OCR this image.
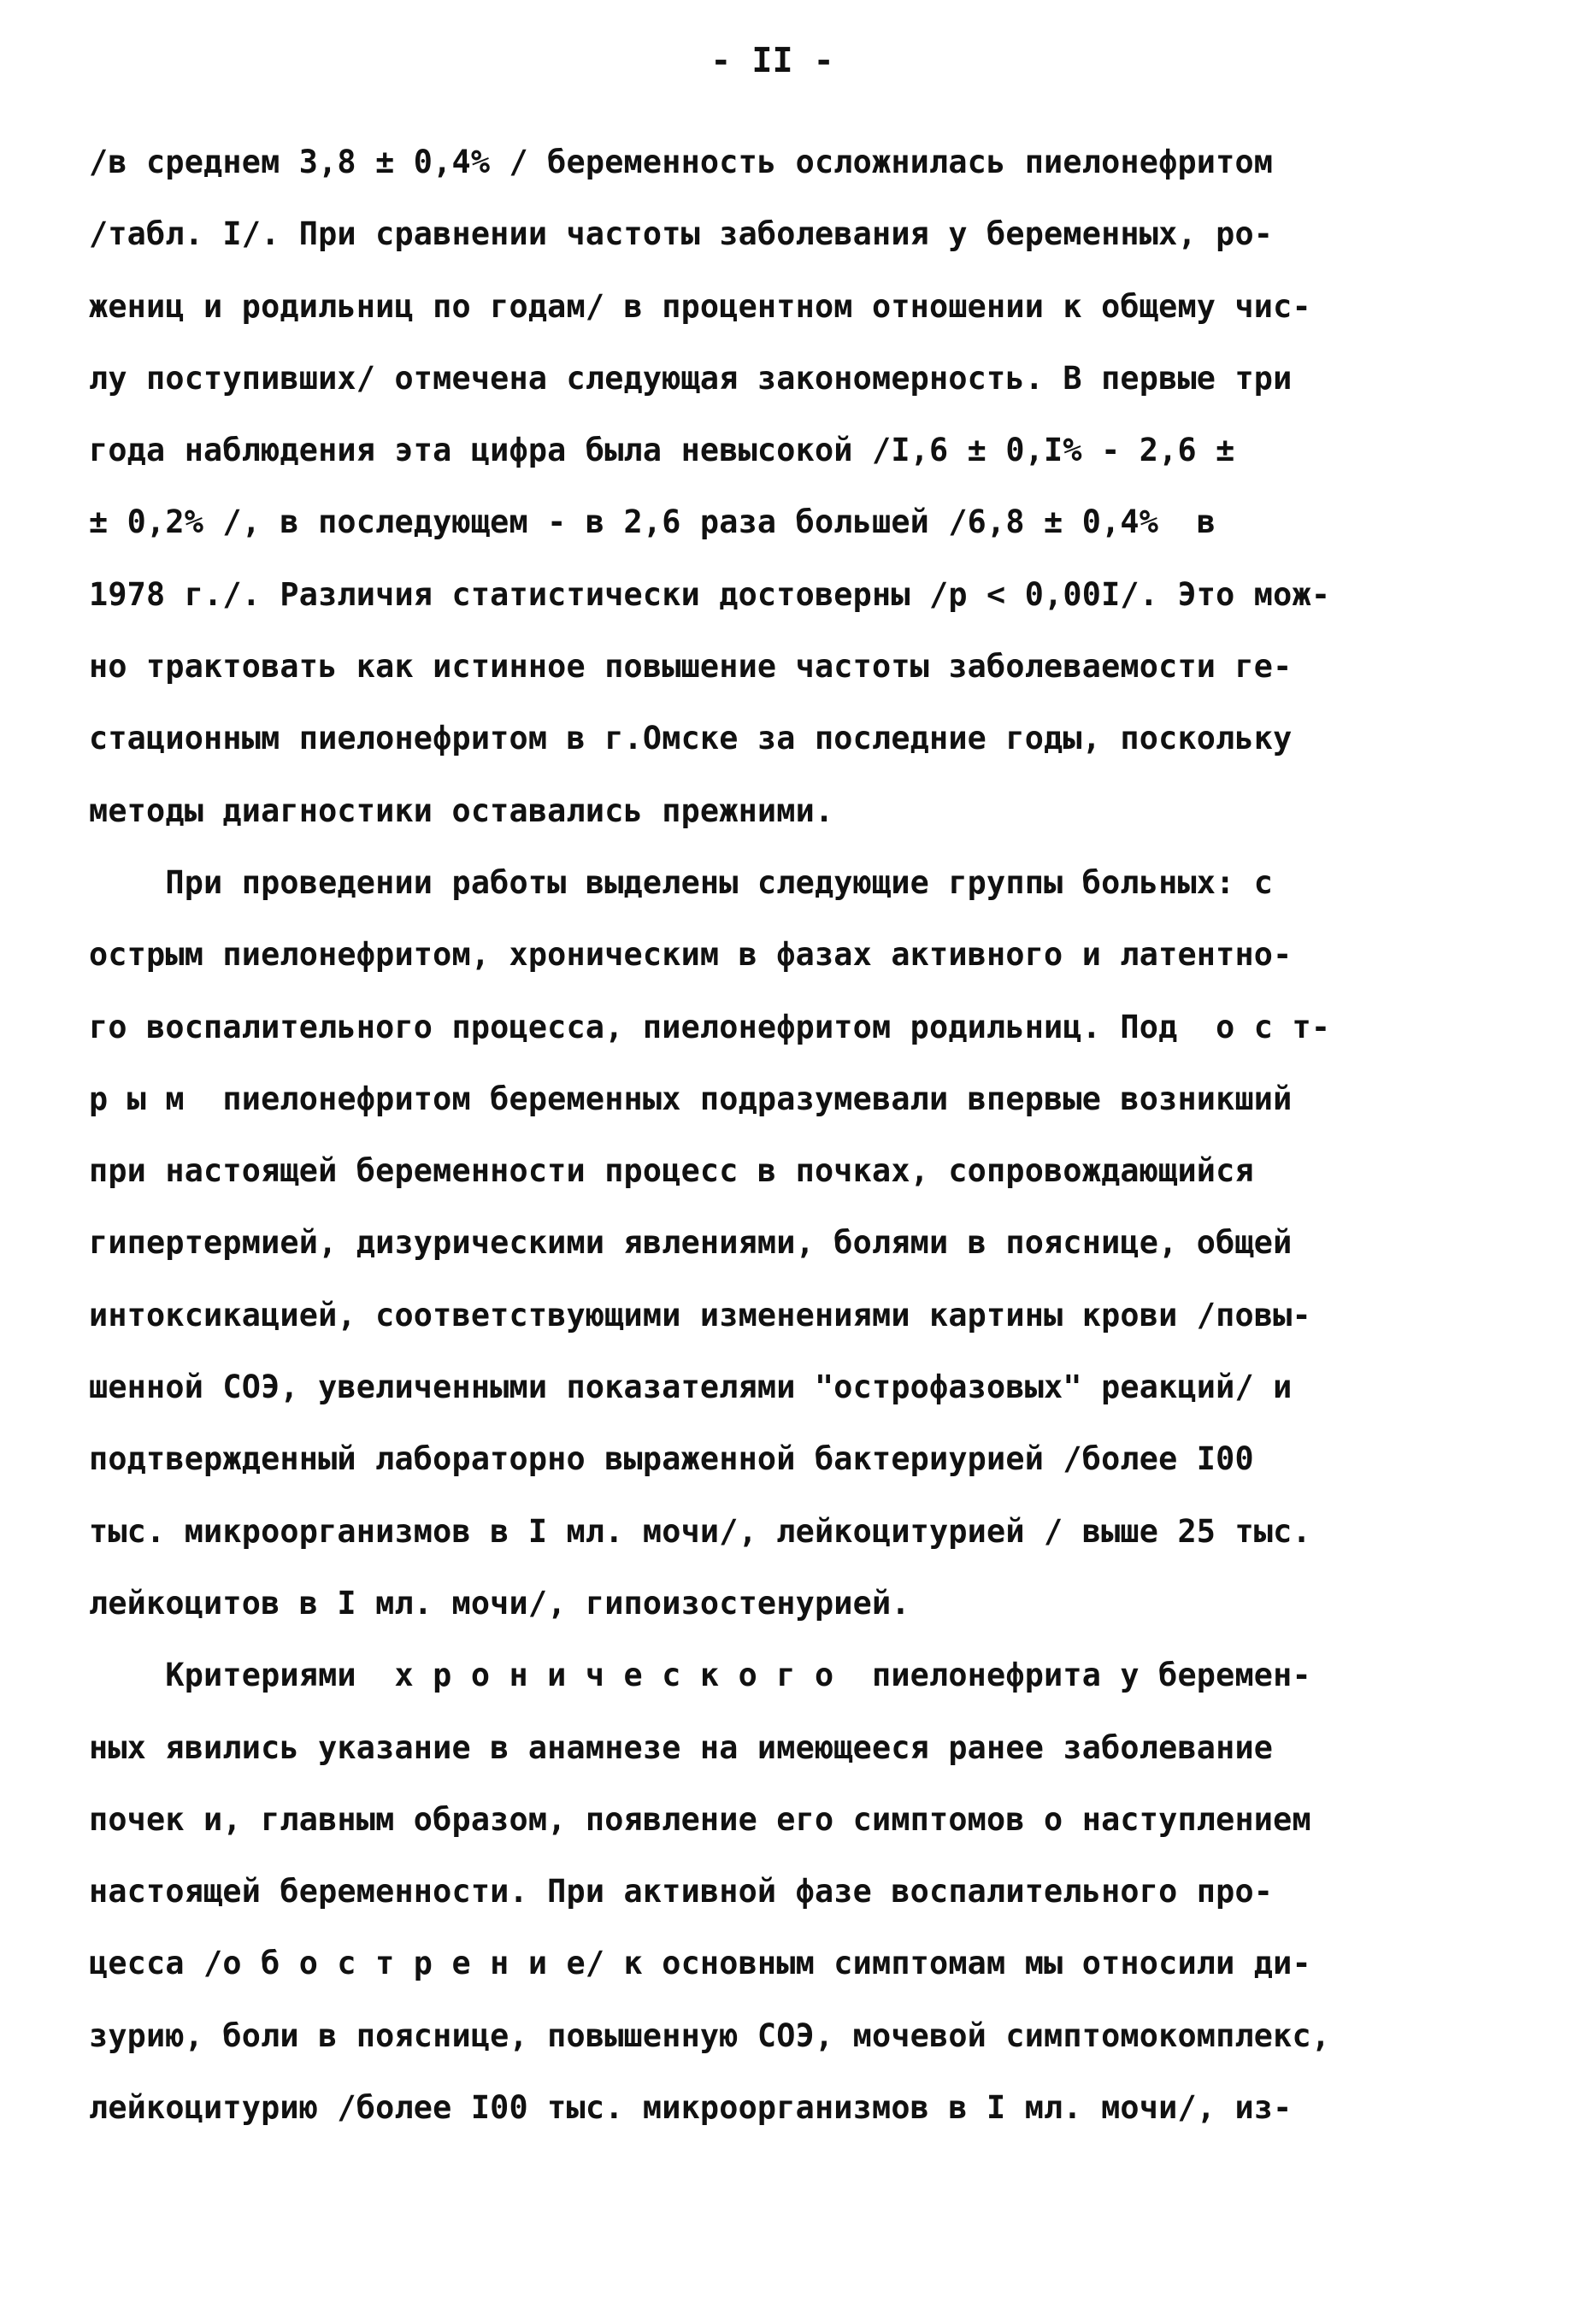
- II -
/в среднем 3,8 ± 0,4% / беременность осложнилась пиелонефритом
/табл. I/. При сравнении частоты заболевания у беременных, ро-
жениц и родильниц по годам/ в процентном отношении к общему чис-
лу поступивших/ отмечена следующая закономерность. В первые три
года наблюдения эта цифра была невысокой /I,6 ± 0,I% - 2,6 ±
± 0,2% /, в последующем - в 2,6 раза большей /6,8 ± 0,4%  в
1978 г./. Различия статистически достоверны /р < 0,00I/. Это мож-
но трактовать как истинное повышение частоты заболеваемости ге-
стационным пиелонефритом в г.Омске за последние годы, поскольку
методы диагностики оставались прежними.
При проведении работы выделены следующие группы больных: с
острым пиелонефритом, хроническим в фазах активного и латентно-
го воспалительного процесса, пиелонефритом родильниц. Под  о с т-
р ы м  пиелонефритом беременных подразумевали впервые возникший
при настоящей беременности процесс в почках, сопровождающийся
гипертермией, дизурическими явлениями, болями в пояснице, общей
интоксикацией, соответствующими изменениями картины крови /повы-
шенной СОЭ, увеличенными показателями "острофазовых" реакций/ и
подтвержденный лабораторно выраженной бактериурией /более I00
тыс. микроорганизмов в I мл. мочи/, лейкоцитурией / выше 25 тыс.
лейкоцитов в I мл. мочи/, гипоизостенурией.
Критериями  х р о н и ч е с к о г о  пиелонефрита у беремен-
ных явились указание в анамнезе на имеющееся ранее заболевание
почек и, главным образом, появление его симптомов о наступлением
настоящей беременности. При активной фазе воспалительного про-
цесса /о б о с т р е н и е/ к основным симптомам мы относили ди-
зурию, боли в пояснице, повышенную СОЭ, мочевой симптомокомплекс,
лейкоцитурию /более I00 тыс. микроорганизмов в I мл. мочи/, из-
